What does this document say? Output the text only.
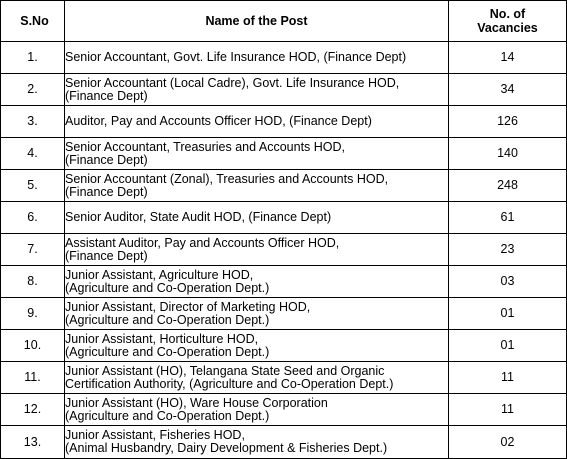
S.No	Name of the Post	No. of
Vacancies
1.	Senior Accountant, Govt. Life Insurance HOD, (Finance Dept)	14
2.	Senior Accountant (Local Cadre), Govt. Life Insurance HOD,
(Finance Dept)	34
3.	Auditor, Pay and Accounts Officer HOD, (Finance Dept)	126
4.	Senior Accountant, Treasuries and Accounts HOD,
(Finance Dept)	140
5.	Senior Accountant (Zonal), Treasuries and Accounts HOD,
(Finance Dept)	248
6.	Senior Auditor, State Audit HOD, (Finance Dept)	61
7.	Assistant Auditor, Pay and Accounts Officer HOD,
(Finance Dept)	23
8.	Junior Assistant, Agriculture HOD,
(Agriculture and Co-Operation Dept.)	03
9.	Junior Assistant, Director of Marketing HOD,
(Agriculture and Co-Operation Dept.)	01
10.	Junior Assistant, Horticulture HOD,
(Agriculture and Co-Operation Dept.)	01
11.	Junior Assistant (HO), Telangana State Seed and Organic
Certification Authority, (Agriculture and Co-Operation Dept.)	11
12.	Junior Assistant (HO), Ware House Corporation
(Agriculture and Co-Operation Dept.)	11
13.	Junior Assistant, Fisheries HOD,
(Animal Husbandry, Dairy Development & Fisheries Dept.)	02
